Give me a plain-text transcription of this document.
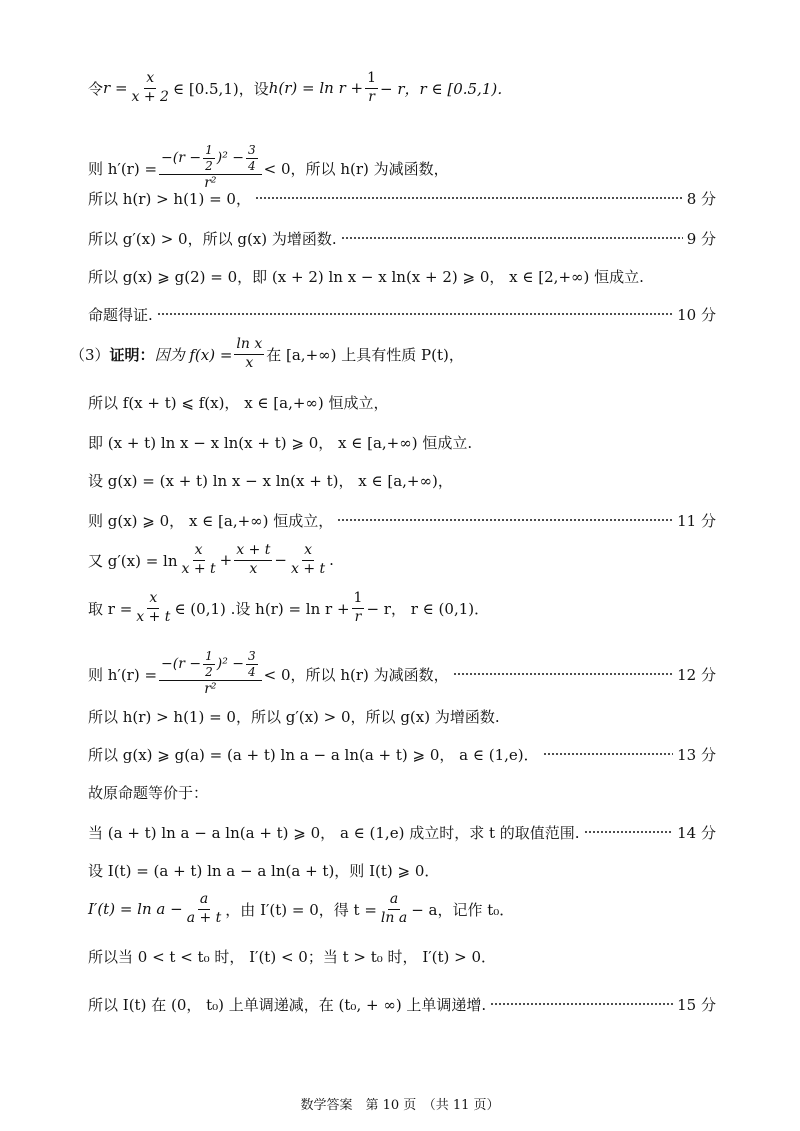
令 $r = \frac{x}{x + 2}$ ∈ [0.5,1)，设 $h(r) = \ln r + \frac{1}{r} - r$， r ∈ [0.5,1)．
则 $h'(r) = \frac{-(r - \frac{1}{2} )^2 - \frac{3}{4}}{\text{r²}} < 0$，所以 h(r) 为减函数，
所以 h(r) > h(1) = 0，	8 分
所以 g′(x) > 0，所以 g(x) 为增函数.	9 分
所以 g(x) ⩾ g(2) = 0，即 (x + 2) ln x − x ln(x + 2) ⩾ 0， x ∈ [2,+∞) 恒成立.
命题得证.	10 分
（3） 证明： 因为 $f(x) = \frac{\text{ln x}}{x}$ 在 [a,+∞) 上具有性质 P(t)，
所以 f(x + t) ⩽ f(x)， x ∈ [a,+∞) 恒成立，
即 (x + t) ln x − x ln(x + t) ⩾ 0， x ∈ [a,+∞) 恒成立.
设 g(x) = (x + t) ln x − x ln(x + t)， x ∈ [a,+∞)，
则 g(x) ⩾ 0， x ∈ [a,+∞) 恒成立，	11 分
又 $g'(x) = \ln \frac{x}{x + t} + \frac{x + t}{x} - \frac{x}{x + t}$ .
取 $r = \frac{x}{x + t}$ ∈ (0,1) .设 $h(r) = \ln r + \frac{1}{r} - r$， r ∈ (0,1)．
则 $h'(r) = \frac{-(r - \frac{1}{2} )^2 - \frac{3}{4}}{\text{r²}} < 0$，所以 h(r) 为减函数，	12 分
所以 h(r) > h(1) = 0，所以 g′(x) > 0，所以 g(x) 为增函数.
所以 g(x) ⩾ g(a) = (a + t) ln a − a ln(a + t) ⩾ 0， a ∈ (1,e)．	13 分
故原命题等价于：
当 (a + t) ln a − a ln(a + t) ⩾ 0， a ∈ (1,e) 成立时，求 t 的取值范围.	14 分
设 I(t) = (a + t) ln a − a ln(a + t)，则 I(t) ⩾ 0．
$I'(t) = \ln a - \frac{a}{a + t}$ ，由 I′(t) = 0，得 $t = \frac{a}{\text{ln a}} - a$，记作 t₀．
所以当 0 < t < t₀ 时， I′(t) < 0；当 t > t₀ 时， I′(t) > 0．
所以 I(t) 在 (0， t₀) 上单调递减，在 (t₀, + ∞) 上单调递增.	15 分
数学答案　第 10 页　（共 11 页）
